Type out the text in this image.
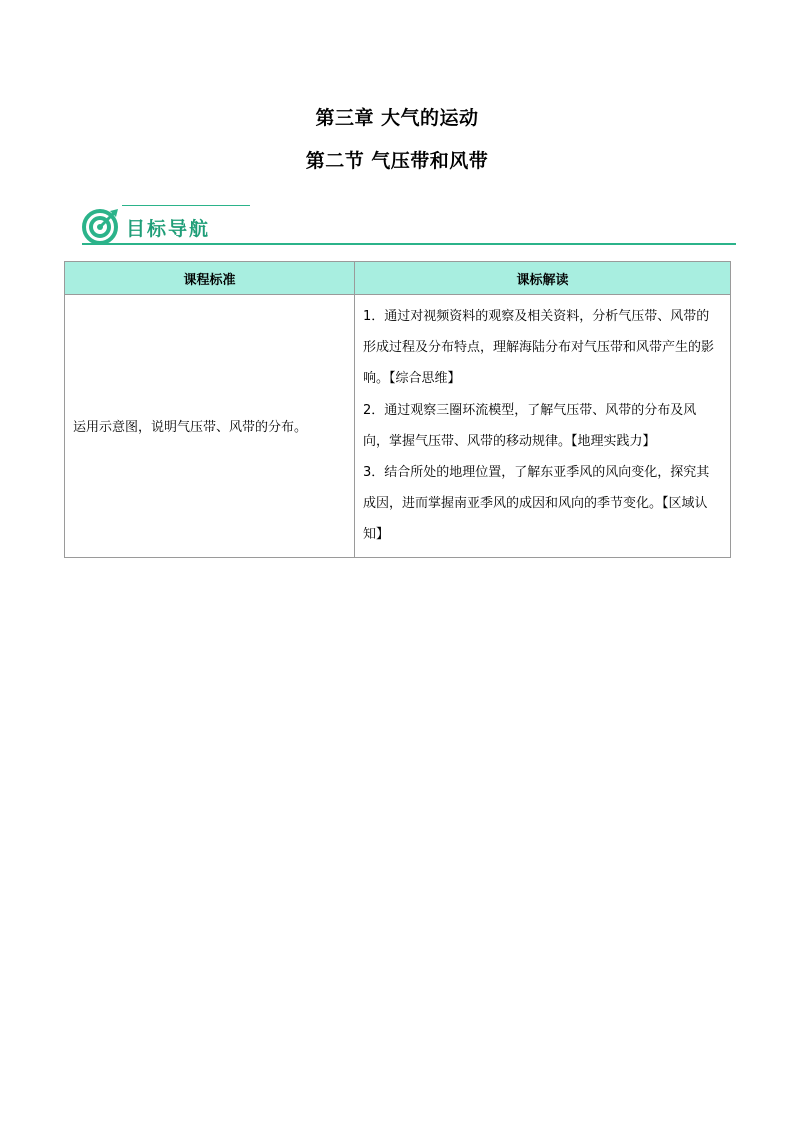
第三章 大气的运动
第二节 气压带和风带
目标导航
课程标准	课标解读
运用示意图，说明气压带、风带的分布。	1．通过对视频资料的观察及相关资料，分析气压带、风带的形成过程及分布特点，理解海陆分布对气压带和风带产生的影响。【综合思维】
2．通过观察三圈环流模型，了解气压带、风带的分布及风向，掌握气压带、风带的移动规律。【地理实践力】
3．结合所处的地理位置，了解东亚季风的风向变化，探究其成因，进而掌握南亚季风的成因和风向的季节变化。【区域认知】
